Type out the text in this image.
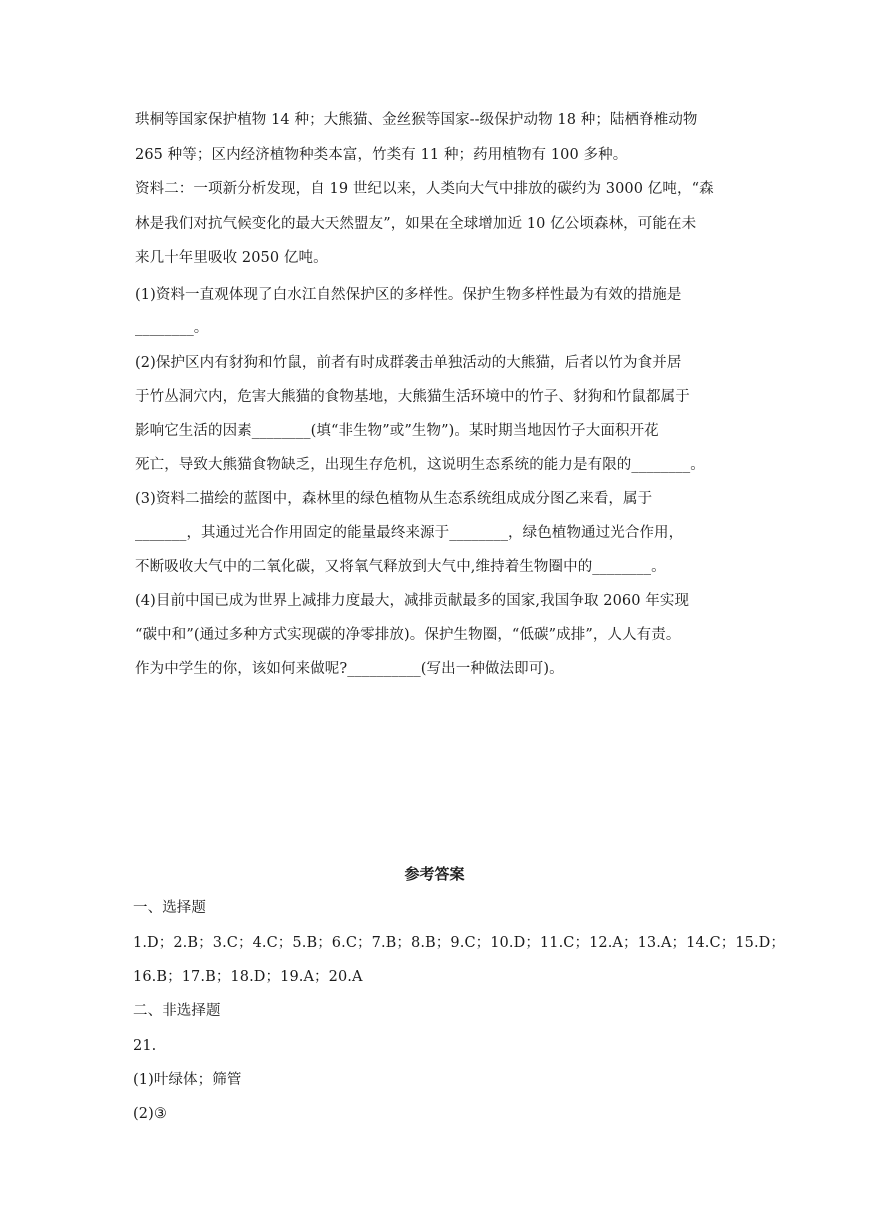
珙桐等国家保护植物 14 种；大熊猫、金丝猴等国家--级保护动物 18 种；陆栖脊椎动物

265 种等；区内经济植物种类本富，竹类有 11 种；药用植物有 100 多种。

资料二：一项新分析发现，自 19 世纪以来，人类向大气中排放的碳约为 3000 亿吨，“森

林是我们对抗气候变化的最大天然盟友”，如果在全球增加近 10 亿公顷森林，可能在未

来几十年里吸收 2050 亿吨。

(1)资料一直观体现了白水江自然保护区的多样性。保护生物多样性最为有效的措施是

________。

(2)保护区内有豺狗和竹鼠，前者有时成群袭击单独活动的大熊猫，后者以竹为食并居

于竹丛洞穴内，危害大熊猫的食物基地，大熊猫生活环境中的竹子、豺狗和竹鼠都属于

影响它生活的因素________(填“非生物”或”生物”)。某时期当地因竹子大面积开花

死亡，导致大熊猫食物缺乏，出现生存危机，这说明生态系统的能力是有限的________。

(3)资料二描绘的蓝图中，森林里的绿色植物从生态系统组成成分图乙来看，属于

_______，其通过光合作用固定的能量最终来源于________，绿色植物通过光合作用，

不断吸收大气中的二氧化碳，又将氧气释放到大气中,维持着生物圈中的________。

(4)目前中国已成为世界上减排力度最大，减排贡献最多的国家,我国争取 2060 年实现

“碳中和”(通过多种方式实现碳的净零排放)。保护生物圈，“低碳”成排”，人人有责。

作为中学生的你，该如何来做呢?__________(写出一种做法即可)。

参考答案

一、选择题

1.D；2.B；3.C；4.C；5.B；6.C；7.B；8.B；9.C；10.D；11.C；12.A；13.A；14.C；15.D；

16.B；17.B；18.D；19.A；20.A

二、非选择题

21.

(1)叶绿体；筛管

(2)③
